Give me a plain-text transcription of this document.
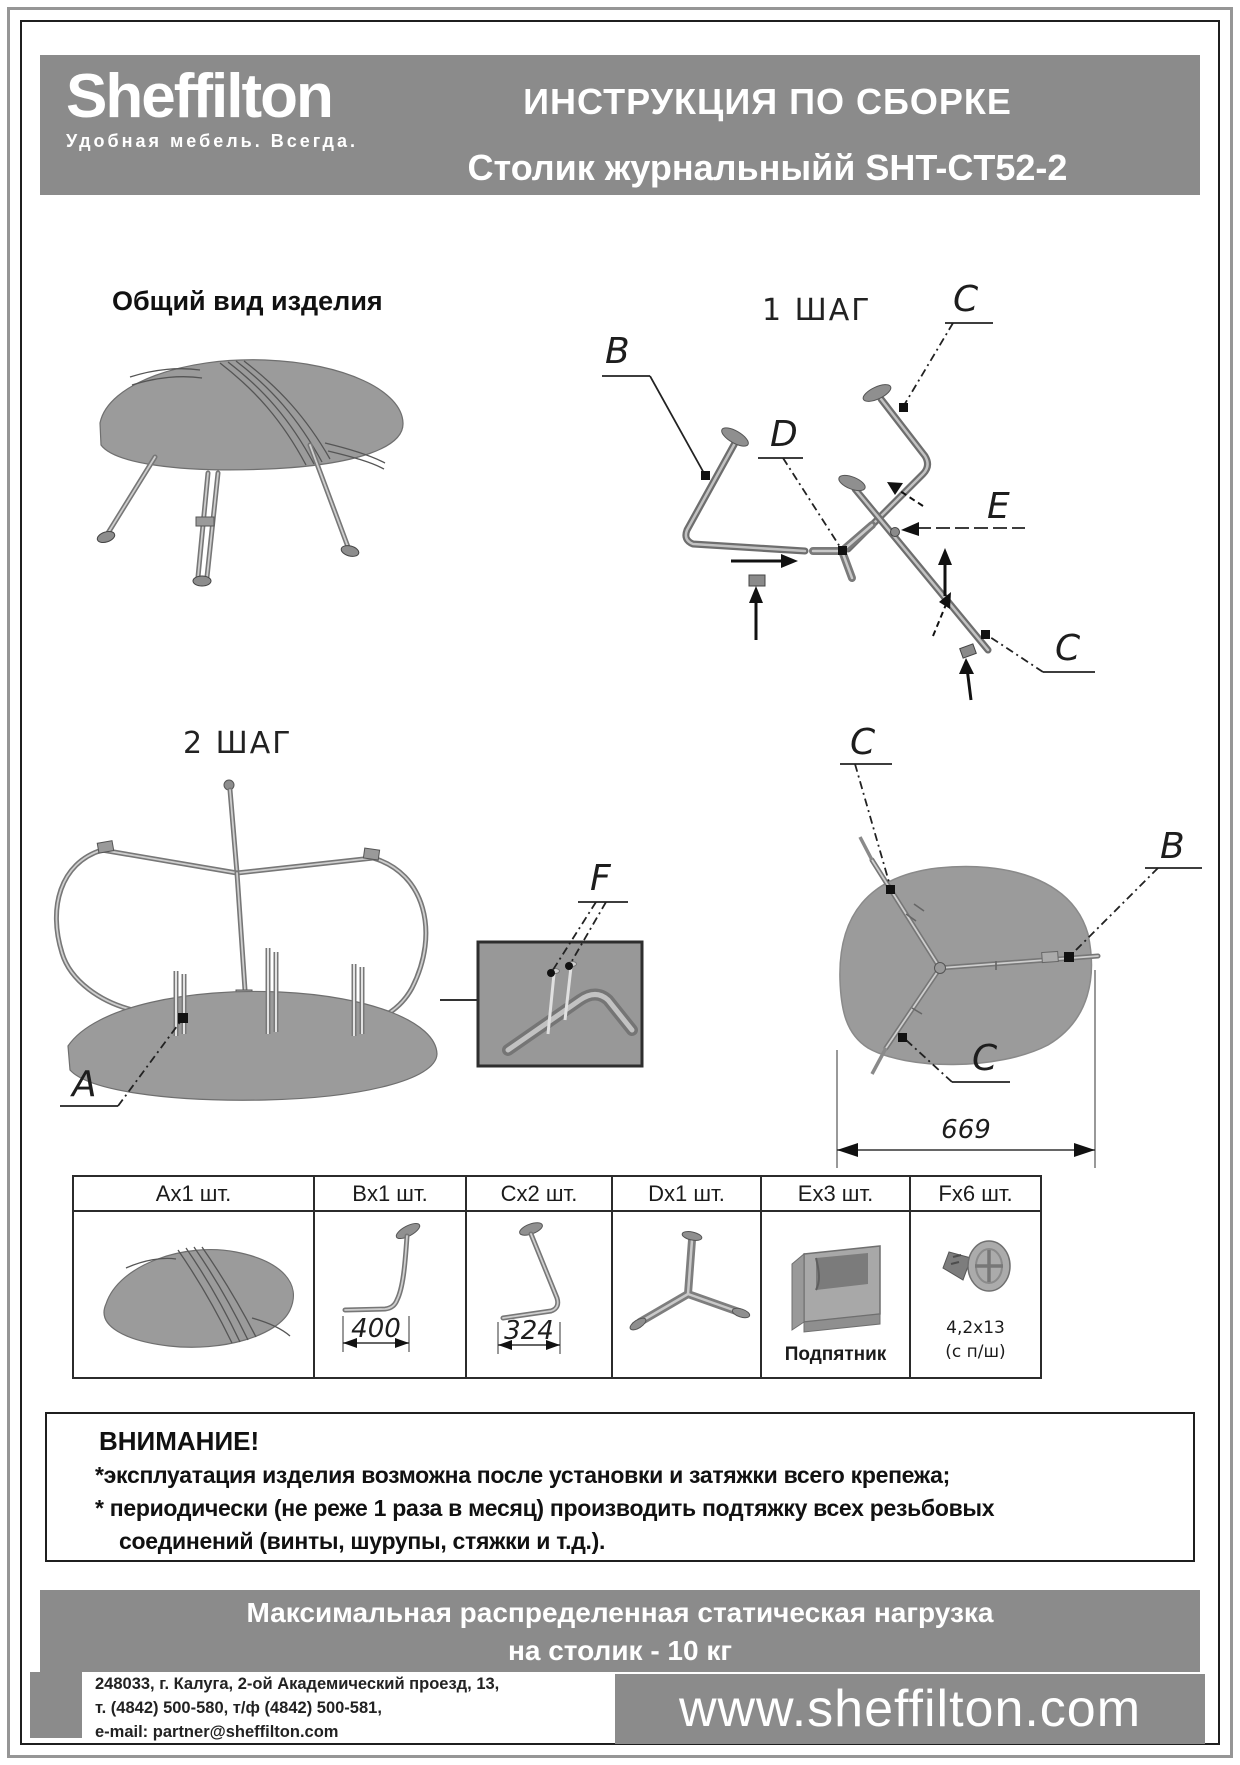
Sheffilton
Удобная мебель. Всегда.
ИНСТРУКЦИЯ ПО СБОРКЕ
Столик журнальныйй SHT-CT52-2
Общий вид изделия	1 ШАГ
2 ШАГ
B
C
D
E
C
A
F
C
B
C
669
Ax1 шт.	Bx1 шт.	Cx2 шт.	Dx1 шт.	Ex3 шт.	Fx6 шт.
400	324
Подпятник
4,2x13
(с п/ш)
ВНИМАНИЕ!
*эксплуатация изделия возможна после установки и затяжки всего крепежа;
* периодически (не реже 1 раза в месяц) производить подтяжку всех резьбовых
соединений (винты, шурупы, стяжки и т.д.).
Максимальная распределенная статическая нагрузка
на столик - 10 кг
248033, г. Калуга, 2-ой Академический проезд, 13,
т. (4842) 500-580, т/ф (4842) 500-581,
e-mail: partner@sheffilton.com	www.sheffilton.com
